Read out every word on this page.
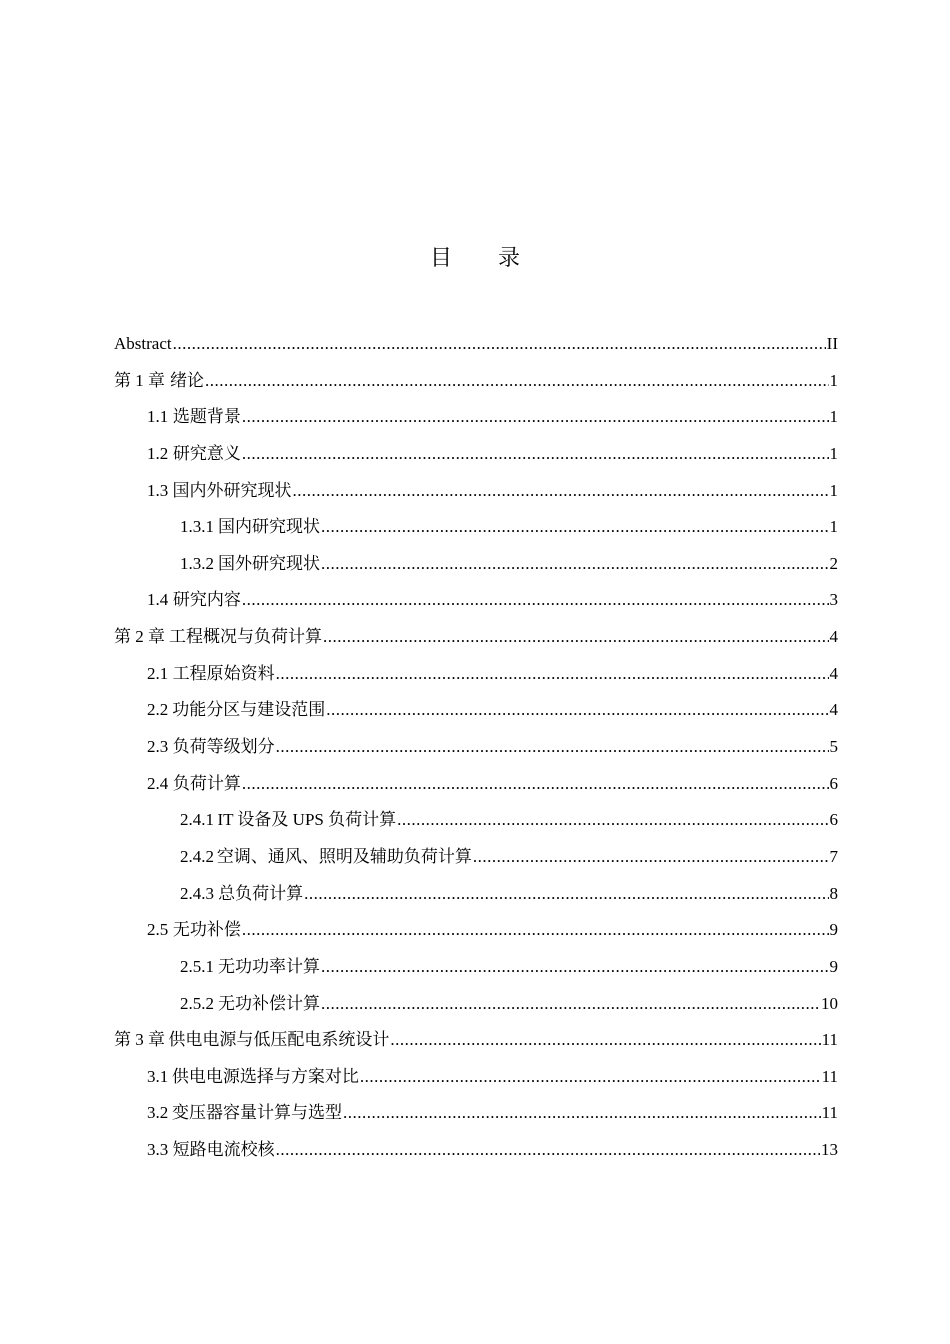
目录
Abstract .....	II
第 1 章 绪论 .....	1
1.1 选题背景 .....	1
1.2 研究意义 .....	1
1.3 国内外研究现状 .....	1
1.3.1 国内研究现状 .....	1
1.3.2 国外研究现状 .....	2
1.4 研究内容 .....	3
第 2 章 工程概况与负荷计算 .....	4
2.1 工程原始资料 .....	4
2.2 功能分区与建设范围 .....	4
2.3 负荷等级划分 .....	5
2.4 负荷计算 .....	6
2.4.1 IT 设备及 UPS 负荷计算 .....	6
2.4.2 空调、通风、照明及辅助负荷计算 .....	7
2.4.3 总负荷计算 .....	8
2.5 无功补偿 .....	9
2.5.1 无功功率计算 .....	9
2.5.2 无功补偿计算 .....	10
第 3 章 供电电源与低压配电系统设计 .....	11
3.1 供电电源选择与方案对比 .....	11
3.2 变压器容量计算与选型 .....	11
3.3 短路电流校核 .....	13
